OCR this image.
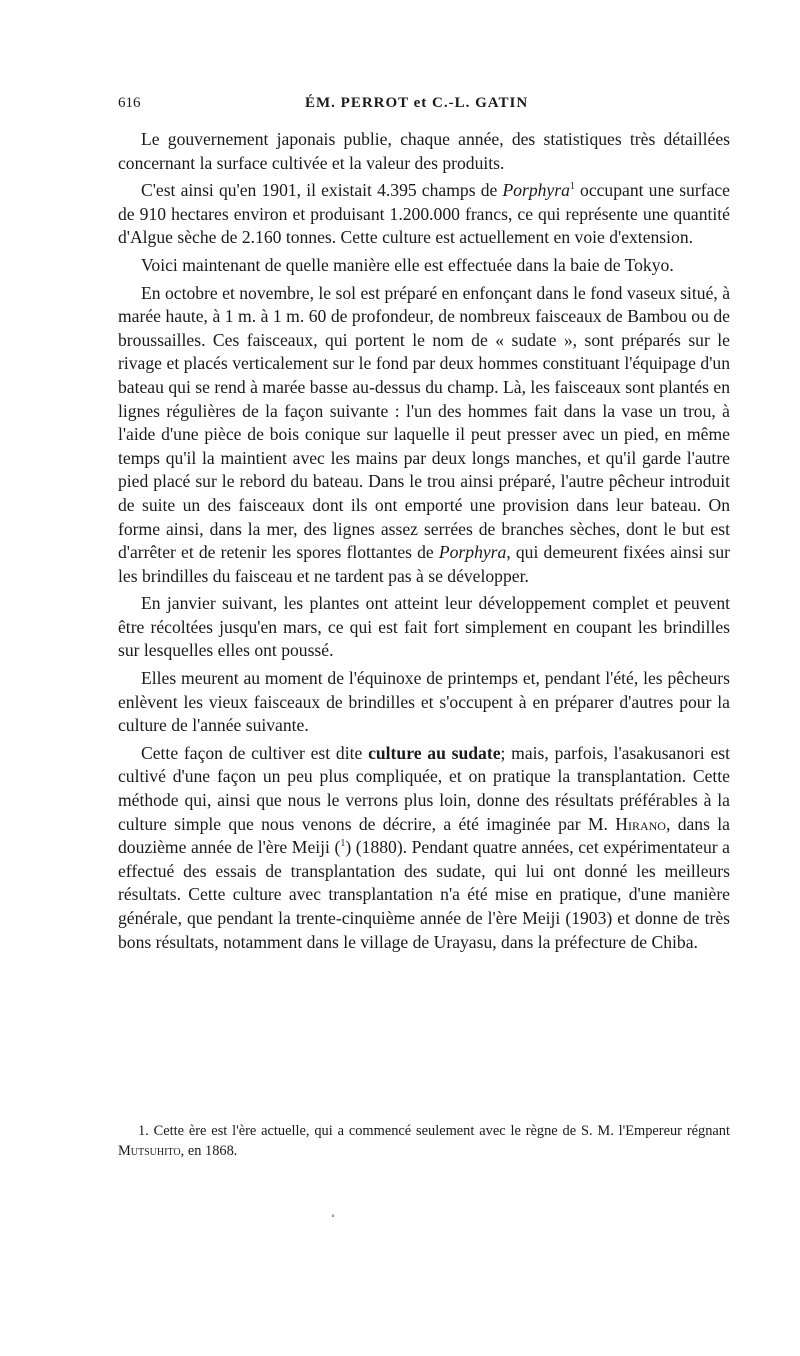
616	ÉM. PERROT et C.-L. GATIN

Le gouvernement japonais publie, chaque année, des statistiques très détaillées concernant la surface cultivée et la valeur des produits.

C'est ainsi qu'en 1901, il existait 4.395 champs de Porphyra$^1$ occupant une surface de 910 hectares environ et produisant 1.200.000 francs, ce qui représente une quantité d'Algue sèche de 2.160 tonnes. Cette culture est actuellement en voie d'extension.

Voici maintenant de quelle manière elle est effectuée dans la baie de Tokyo.

En octobre et novembre, le sol est préparé en enfonçant dans le fond vaseux situé, à marée haute, à 1 m. à 1 m. 60 de profondeur, de nombreux faisceaux de Bambou ou de broussailles. Ces faisceaux, qui portent le nom de « sudate », sont préparés sur le rivage et placés verticalement sur le fond par deux hommes constituant l'équipage d'un bateau qui se rend à marée basse au-dessus du champ. Là, les faisceaux sont plantés en lignes régulières de la façon suivante : l'un des hommes fait dans la vase un trou, à l'aide d'une pièce de bois conique sur laquelle il peut presser avec un pied, en même temps qu'il la maintient avec les mains par deux longs manches, et qu'il garde l'autre pied placé sur le rebord du bateau. Dans le trou ainsi préparé, l'autre pêcheur introduit de suite un des faisceaux dont ils ont emporté une provision dans leur bateau. On forme ainsi, dans la mer, des lignes assez serrées de branches sèches, dont le but est d'arrêter et de retenir les spores flottantes de Porphyra, qui demeurent fixées ainsi sur les brindilles du faisceau et ne tardent pas à se développer.

En janvier suivant, les plantes ont atteint leur développement complet et peuvent être récoltées jusqu'en mars, ce qui est fait fort simplement en coupant les brindilles sur lesquelles elles ont poussé.

Elles meurent au moment de l'équinoxe de printemps et, pendant l'été, les pêcheurs enlèvent les vieux faisceaux de brindilles et s'occupent à en préparer d'autres pour la culture de l'année suivante.

Cette façon de cultiver est dite culture au sudate; mais, parfois, l'asakusanori est cultivé d'une façon un peu plus compliquée, et on pratique la transplantation. Cette méthode qui, ainsi que nous le verrons plus loin, donne des résultats préférables à la culture simple que nous venons de décrire, a été imaginée par M. Hirano, dans la douzième année de l'ère Meiji ($^1$) (1880). Pendant quatre années, cet expérimentateur a effectué des essais de transplantation des sudate, qui lui ont donné les meilleurs résultats. Cette culture avec transplantation n'a été mise en pratique, d'une manière générale, que pendant la trente-cinquième année de l'ère Meiji (1903) et donne de très bons résultats, notamment dans le village de Urayasu, dans la préfecture de Chiba.

1. Cette ère est l'ère actuelle, qui a commencé seulement avec le règne de S. M. l'Empereur régnant Mutsuhito, en 1868.

˚
